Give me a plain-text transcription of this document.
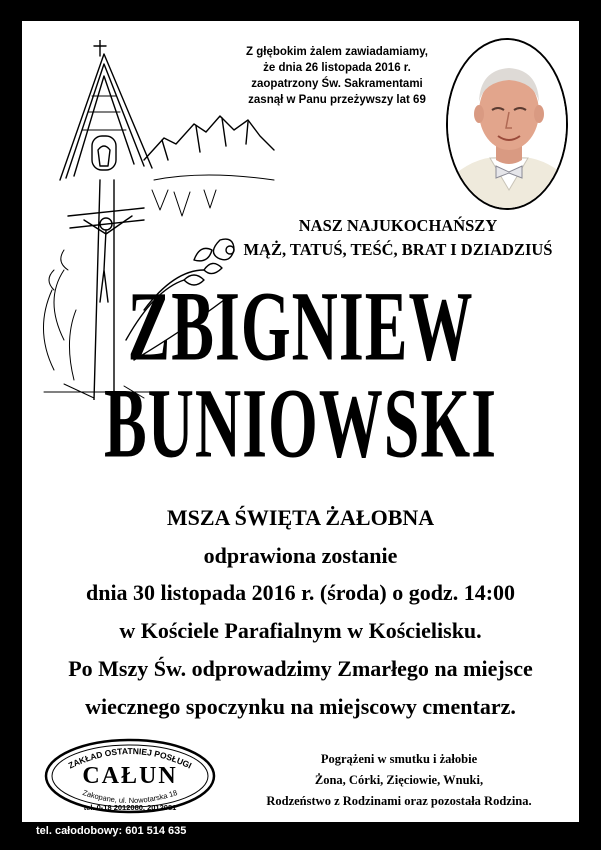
Z głębokim żalem zawiadamiamy,
że dnia 26 listopada 2016 r.
zaopatrzony Św. Sakramentami
zasnął w Panu przeżywszy lat 69
NASZ NAJUKOCHAŃSZY
MĄŻ, TATUŚ, TEŚĆ, BRAT I DZIADZIUŚ
ZBIGNIEW
BUNIOWSKI
MSZA ŚWIĘTA ŻAŁOBNA
odprawiona zostanie
dnia 30 listopada 2016 r. (środa) o godz. 14:00
w Kościele Parafialnym w Kościelisku.
Po Mszy Św. odprowadzimy Zmarłego na miejsce
wiecznego spoczynku na miejscowy cmentarz.
ZAKŁAD OSTATNIEJ POSŁUGI
CAŁUN
Zakopane, ul. Nowotarska 18
tel. 0-18 2012080, 2012081
Pogrążeni w smutku i żałobie
Żona, Córki, Zięciowie, Wnuki,
Rodzeństwo z Rodzinami oraz pozostała Rodzina.
tel. całodobowy: 601 514 635
